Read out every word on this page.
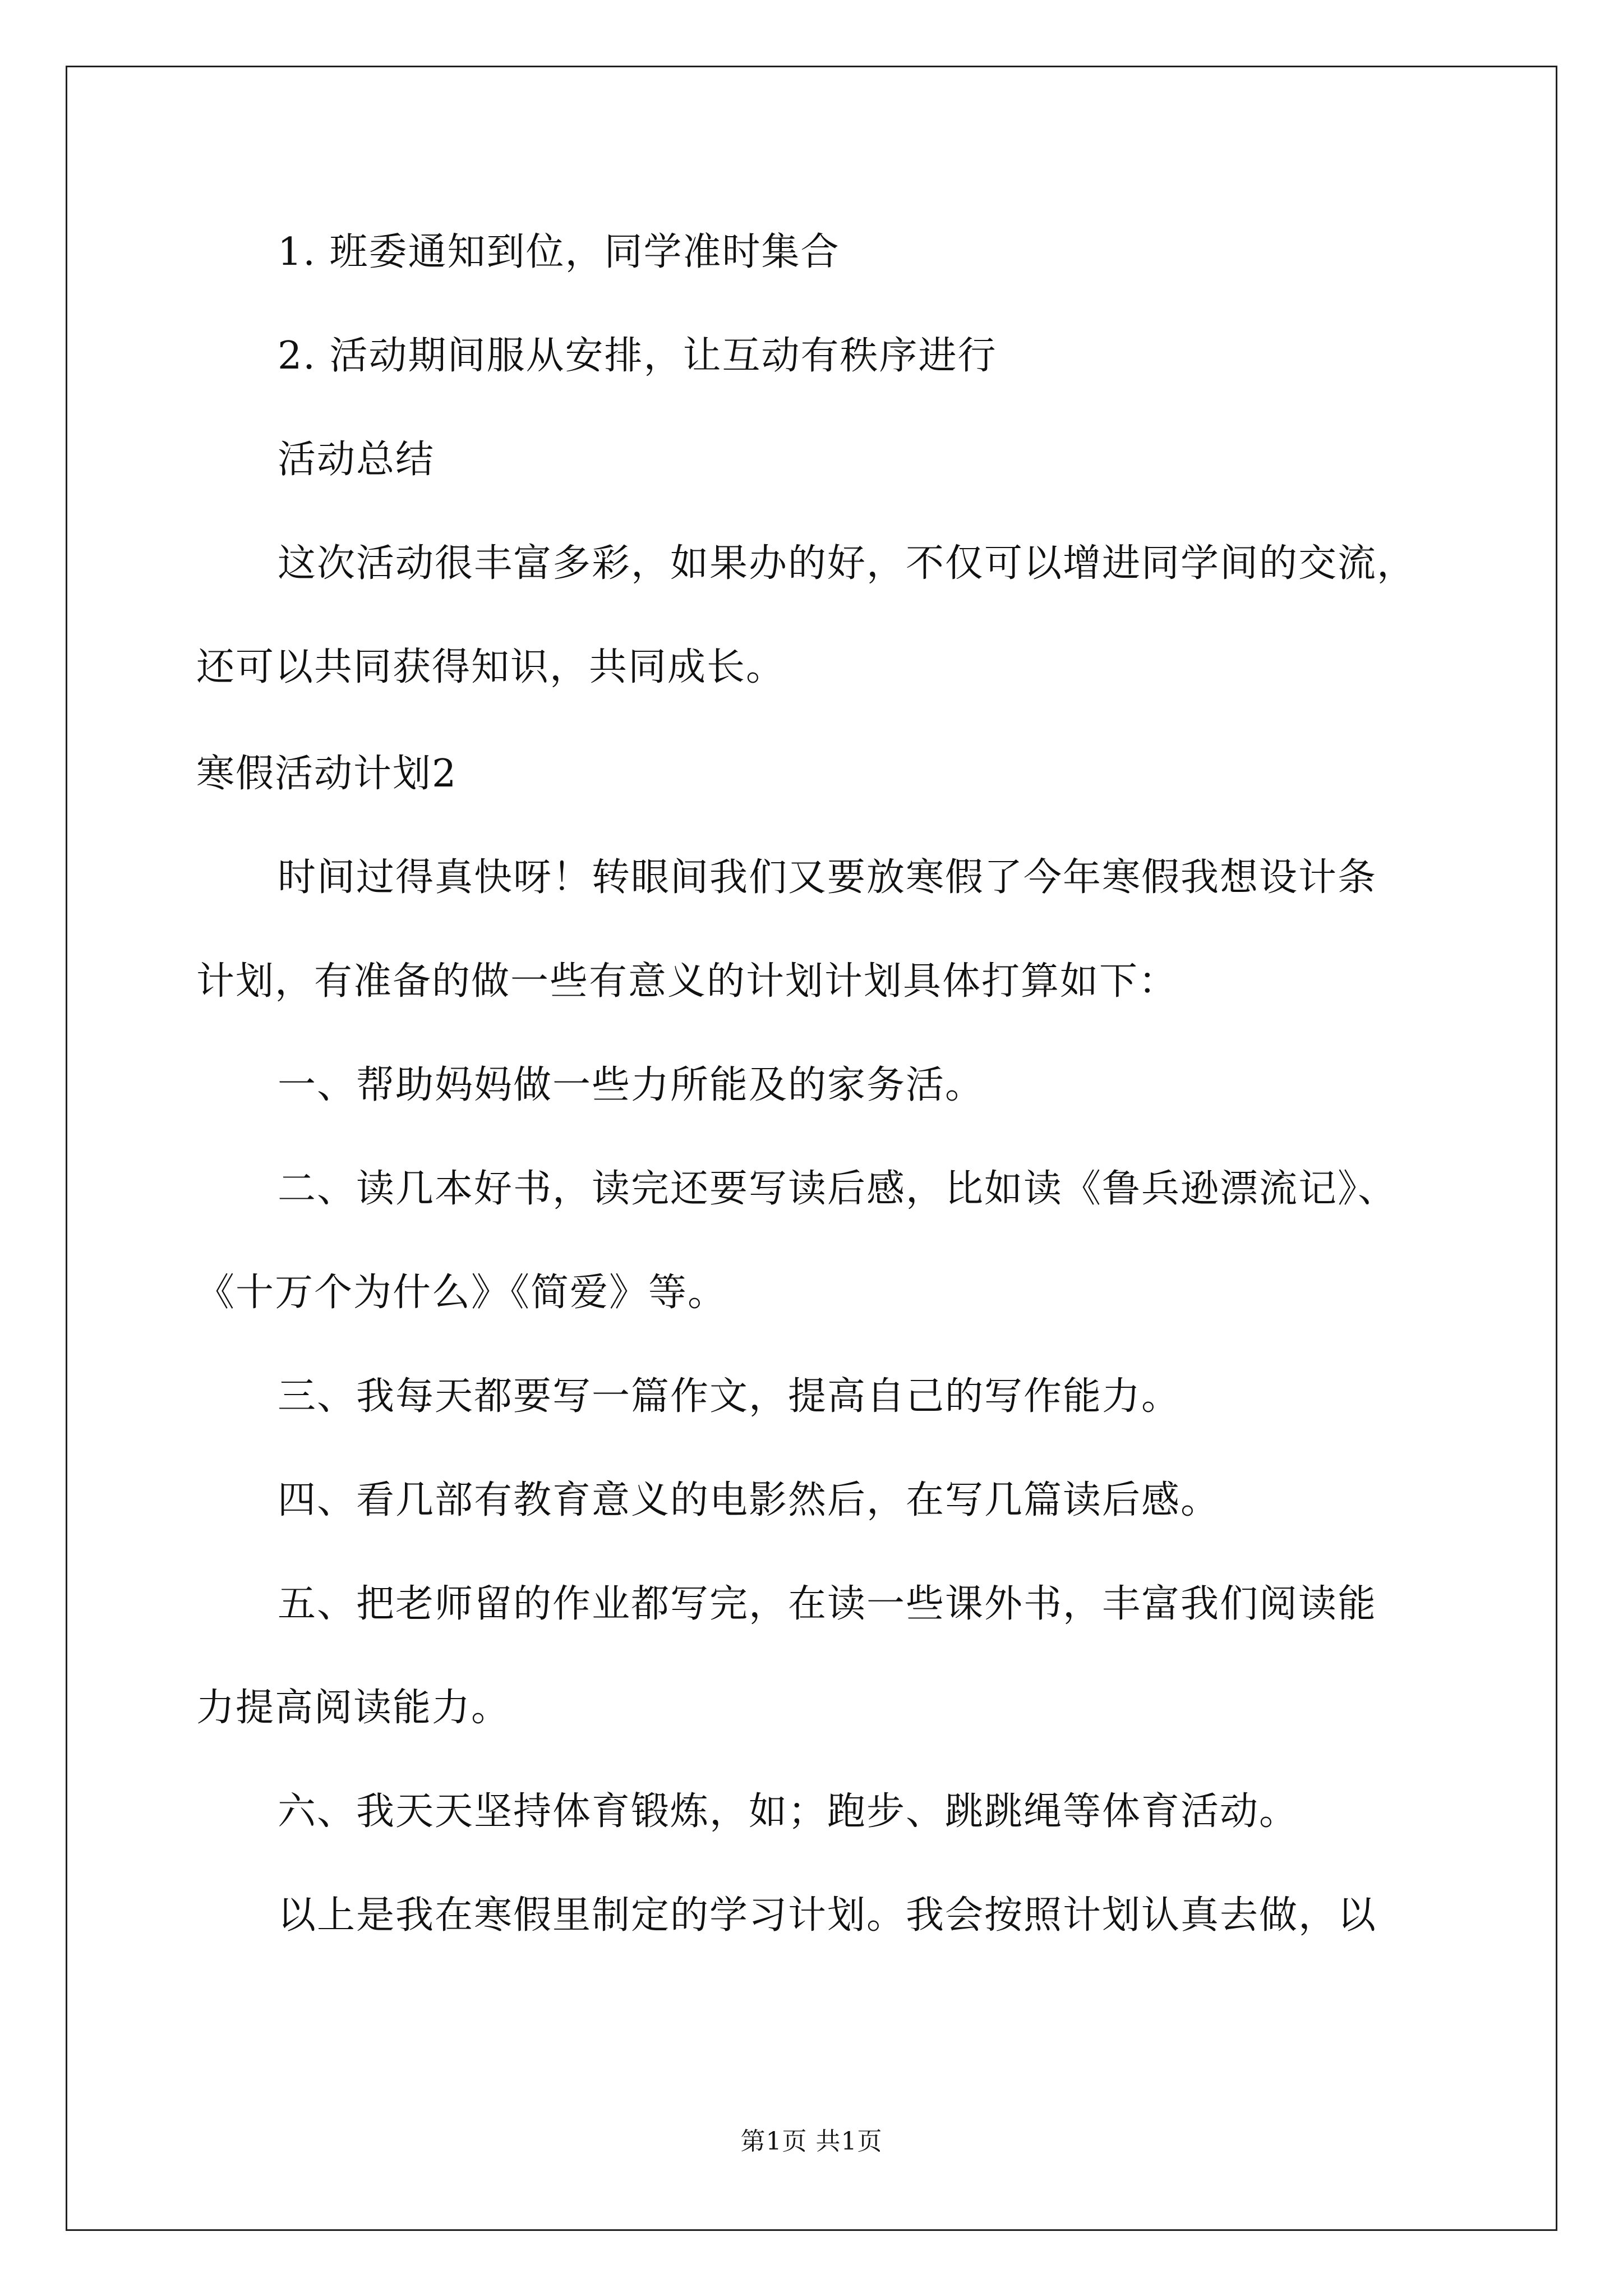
1. 班委通知到位，同学准时集合
2. 活动期间服从安排，让互动有秩序进行
活动总结
这次活动很丰富多彩，如果办的好，不仅可以增进同学间的交流，
还可以共同获得知识，共同成长。
寒假活动计划2
时间过得真快呀！转眼间我们又要放寒假了今年寒假我想设计条
计划，有准备的做一些有意义的计划计划具体打算如下：
一、帮助妈妈做一些力所能及的家务活。
二、读几本好书，读完还要写读后感，比如读《鲁兵逊漂流记》、
《十万个为什么》《简爱》等。
三、我每天都要写一篇作文，提高自己的写作能力。
四、看几部有教育意义的电影然后，在写几篇读后感。
五、把老师留的作业都写完，在读一些课外书，丰富我们阅读能
力提高阅读能力。
六、我天天坚持体育锻炼，如；跑步、跳跳绳等体育活动。
以上是我在寒假里制定的学习计划。我会按照计划认真去做，以
第1页 共1页
